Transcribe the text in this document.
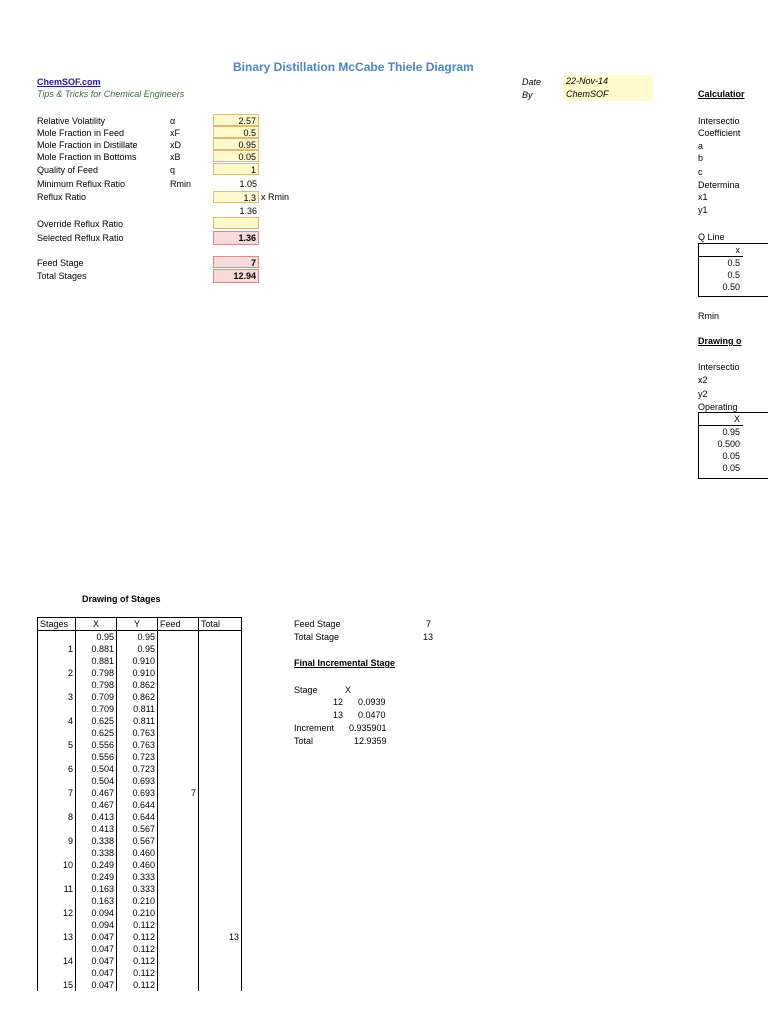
Binary Distillation McCabe Thiele Diagram
ChemSOF.com
Tips & Tricks for Chemical Engineers
Date	22-Nov-14
By	ChemSOF	Calculatior
Relative Volatility	α	2.57
Mole Fraction in Feed	xF	0.5
Mole Fraction in Distillate	xD	0.95
Mole Fraction in Bottoms	xB	0.05
Quality of Feed	q	1
Minimum Reflux Ratio	Rmin	1.05
Reflux Ratio	1.3 x Rmin
1.36
Override Reflux Ratio
Selected Reflux Ratio	1.36
Feed Stage	7
Total Stages	12.94
Intersectio
Coefficient
a
b
c
Determina
x1
y1
Q Line
x
0.5
0.5
0.50
Rmin
Drawing o
Intersectio
x2
y2
Operating
X
0.95
0.500
0.05
0.05
Drawing of Stages
Stages	X	Y	Feed	Total
	0.95	0.95		
1	0.881	0.95		
	0.881	0.910		
2	0.798	0.910		
	0.798	0.862		
3	0.709	0.862		
	0.709	0.811		
4	0.625	0.811		
	0.625	0.763		
5	0.556	0.763		
	0.556	0.723		
6	0.504	0.723		
	0.504	0.693		
7	0.467	0.693	7	
	0.467	0.644		
8	0.413	0.644		
	0.413	0.567		
9	0.338	0.567		
	0.338	0.460		
10	0.249	0.460		
	0.249	0.333		
11	0.163	0.333		
	0.163	0.210		
12	0.094	0.210		
	0.094	0.112		
13	0.047	0.112		13
	0.047	0.112		
14	0.047	0.112		
	0.047	0.112		
15	0.047	0.112		
Feed Stage	7
Total Stage	13
Final Incremental Stage
Stage	X
12 0.0939
13 0.0470
Increment 0.935901
Total	12.9359
